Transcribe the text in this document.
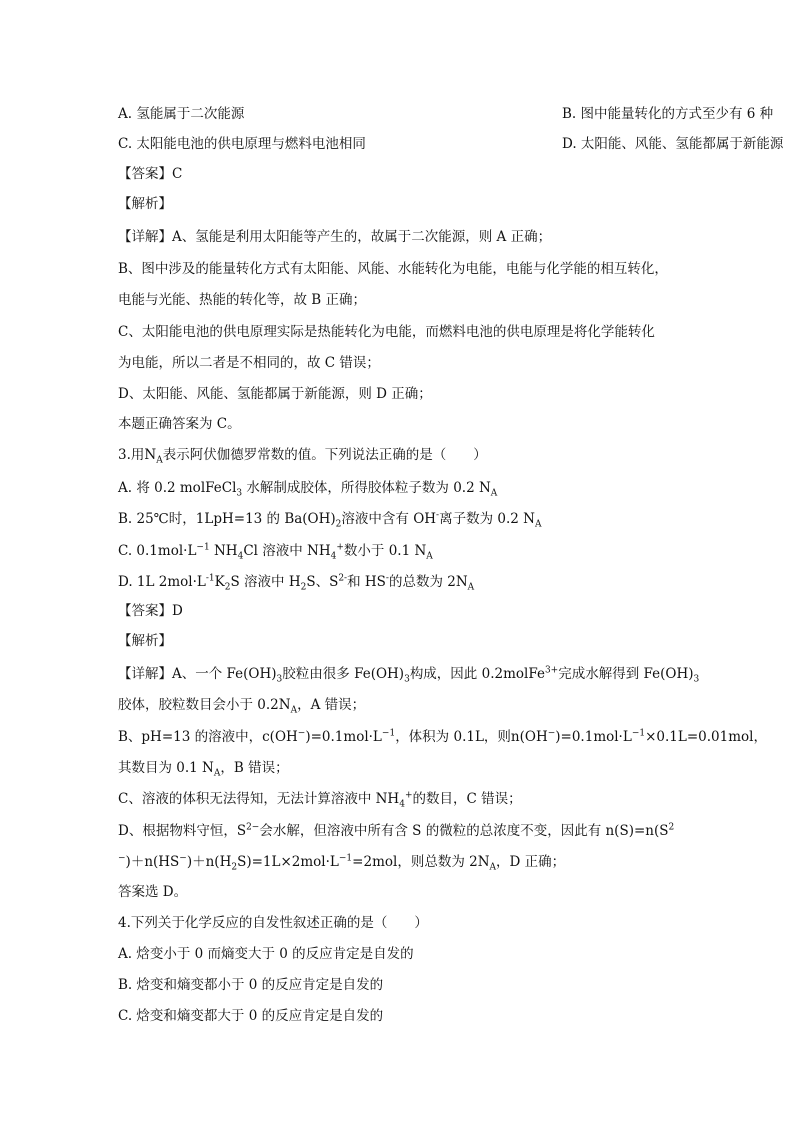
A. 氢能属于二次能源	B. 图中能量转化的方式至少有 6 种
C. 太阳能电池的供电原理与燃料电池相同	D. 太阳能、风能、氢能都属于新能源
【答案】C
【解析】
【详解】A、氢能是利用太阳能等产生的，故属于二次能源，则 A 正确；
B、图中涉及的能量转化方式有太阳能、风能、水能转化为电能，电能与化学能的相互转化，
电能与光能、热能的转化等，故 B 正确；
C、太阳能电池的供电原理实际是热能转化为电能，而燃料电池的供电原理是将化学能转化
为电能，所以二者是不相同的，故 C 错误；
D、太阳能、风能、氢能都属于新能源，则 D 正确；
本题正确答案为 C。
3.用$N_A$表示阿伏伽德罗常数的值。下列说法正确的是（　　）
A. 将 0.2 molFeCl$_3$ 水解制成胶体，所得胶体粒子数为 0.2 $N_A$
B. 25℃时，1LpH=13 的 $Ba(OH)_2$溶液中含有 OH-离子数为 0.2 $N_A$
C. $0.1mol\cdot L^{-1}$ $NH_4Cl$ 溶液中 $NH_4^+$数小于 0.1 $N_A$
D. 1L $2mol\cdot L^{-1}K_2S$ 溶液中 $H_2S$、$S^{2-}$和 HS-的总数为 $2N_A$
【答案】D
【解析】
【详解】A、一个 $Fe(OH)_3$胶粒由很多 $Fe(OH)_3$构成，因此 0.2molFe$^{3+}$完成水解得到 $Fe(OH)_3$
胶体，胶粒数目会小于 $0.2N_A$，A 错误；
B、pH=13 的溶液中，$c(OH^-)=0.1mol\cdot L^{-1}$，体积为 0.1L，则$n(OH^-)=0.1mol\cdot L^{-1}\times 0.1L=0.01mol$，
其数目为 0.1 $N_A$，B 错误；
C、溶液的体积无法得知，无法计算溶液中 $NH_4^+$的数目，C 错误；
D、根据物料守恒，$S^{2-}$会水解，但溶液中所有含 S 的微粒的总浓度不变，因此有 $n(S)=n(S^2$
$^-)+n(HS^-)+n(H_2S)=1L\times 2mol\cdot L^{-1}=2mol$，则总数为 $2N_A$，D 正确；
答案选 D。
4.下列关于化学反应的自发性叙述正确的是（　　）
A. 焓变小于 0 而熵变大于 0 的反应肯定是自发的
B. 焓变和熵变都小于 0 的反应肯定是自发的
C. 焓变和熵变都大于 0 的反应肯定是自发的
